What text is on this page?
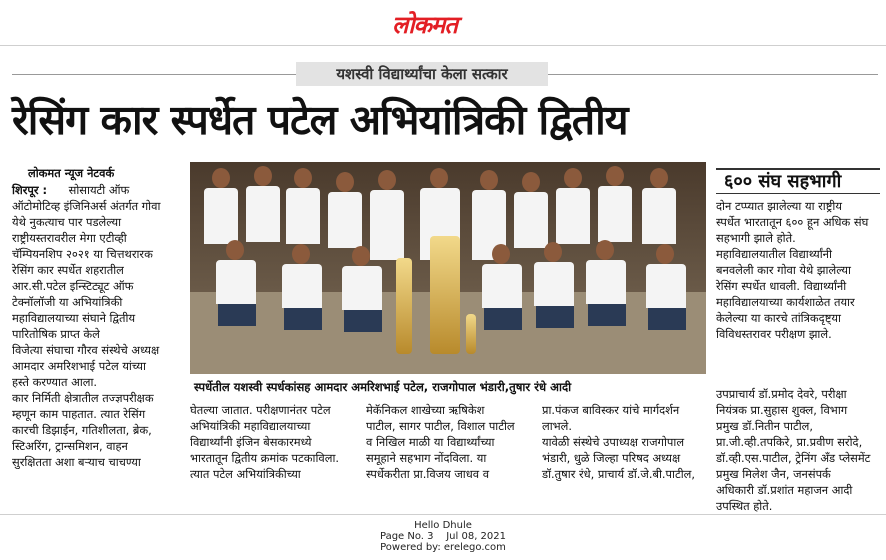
लोकमत
यशस्वी विद्यार्थ्यांचा केला सत्कार
रेसिंग कार स्पर्धेत पटेल अभियांत्रिकी द्वितीय
लोकमत न्यूज नेटवर्क
शिरपूर : सोसायटी ऑफ
ऑटोमोटिव्ह इंजिनिअर्स अंतर्गत गोवा
येथे नुकत्याच पार पडलेल्या
राष्ट्रीयस्तरावरील मेगा एटीव्ही
चॅम्पियनशिप २०२१ या चित्तथरारक
रेसिंग कार स्पर्धेत शहरातील
आर.सी.पटेल इन्स्टिट्यूट ऑफ
टेक्नॉलॉजी या अभियांत्रिकी
महाविद्यालयाच्या संघाने द्वितीय
पारितोषिक प्राप्त केले
विजेत्या संघाचा गौरव संस्थेचे अध्यक्ष
आमदार अमरिशभाई पटेल यांच्या
हस्ते करण्यात आला.
कार निर्मिती क्षेत्रातील तज्ज्ञपरीक्षक
म्हणून काम पाहतात. त्यात रेसिंग
कारची डिझाईन, गतिशीलता, ब्रेक,
स्टिअरिंग, ट्रान्समिशन, वाहन
सुरक्षितता अशा बऱ्याच चाचण्या
स्पर्धेतील यशस्वी स्पर्धकांसह आमदार अमरिशभाई पटेल, राजगोपाल भंडारी,तुषार रंधे आदी
घेतल्या जातात. परीक्षणानंतर पटेल
अभियांत्रिकी महाविद्यालयाच्या
विद्यार्थ्यांनी इंजिन बेसकारमध्ये
भारतातून द्वितीय क्रमांक पटकाविला.
त्यात पटेल अभियांत्रिकीच्या
मेकॅनिकल शाखेच्या ऋषिकेश
पाटील, सागर पाटील, विशाल पाटील
व निखिल माळी या विद्यार्थ्यांच्या
समूहाने सहभाग नोंदविला. या
स्पर्धेकरीता प्रा.विजय जाधव व
प्रा.पंकज बाविस्कर यांचे मार्गदर्शन
लाभले.
यावेळी संस्थेचे उपाध्यक्ष राजगोपाल
भंडारी, धुळे जिल्हा परिषद अध्यक्ष
डॉ.तुषार रंधे, प्राचार्य डॉ.जे.बी.पाटील,
६०० संघ सहभागी
दोन टप्प्यात झालेल्या या राष्ट्रीय
स्पर्धेत भारतातून ६०० हून अधिक संघ
सहभागी झाले होते.
महाविद्यालयातील विद्यार्थ्यांनी
बनवलेली कार गोवा येथे झालेल्या
रेसिंग स्पर्धेत धावली. विद्यार्थ्यांनी
महाविद्यालयाच्या कार्यशाळेत तयार
केलेल्या या कारचे तांत्रिकदृष्ट्या
विविधस्तरावर परीक्षण झाले.
उपप्राचार्य डॉ.प्रमोद देवरे, परीक्षा
नियंत्रक प्रा.सुहास शुक्ल, विभाग
प्रमुख डॉ.नितीन पाटील,
प्रा.जी.व्ही.तपकिरे, प्रा.प्रवीण सरोदे,
डॉ.व्ही.एस.पाटील, ट्रेनिंग अँड प्लेसमेंट
प्रमुख मिलेश जैन, जनसंपर्क
अधिकारी डॉ.प्रशांत महाजन आदी
उपस्थित होते.
Hello Dhule
Page No. 3    Jul 08, 2021
Powered by: erelego.com
